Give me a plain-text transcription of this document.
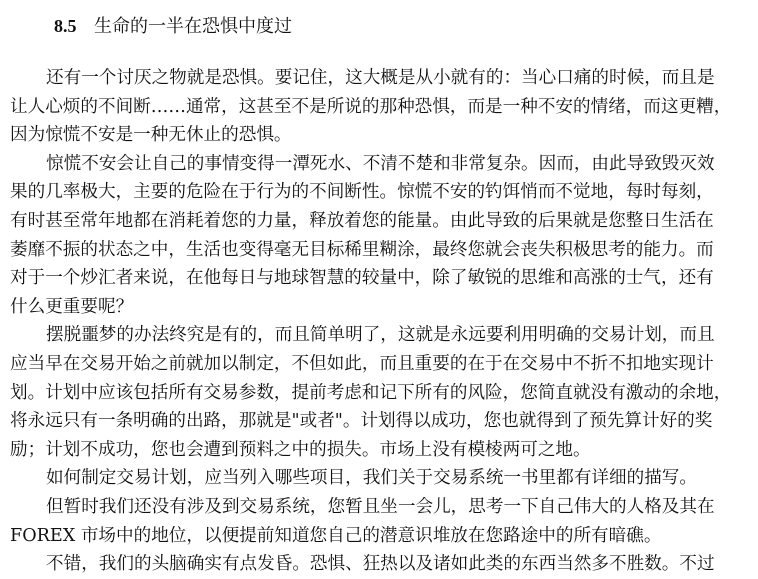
8.5 生命的一半在恐惧中度过
还有一个讨厌之物就是恐惧。要记住，这大概是从小就有的：当心口痛的时候，而且是
让人心烦的不间断……通常，这甚至不是所说的那种恐惧，而是一种不安的情绪，而这更糟，
因为惊慌不安是一种无休止的恐惧。
惊慌不安会让自己的事情变得一潭死水、不清不楚和非常复杂。因而，由此导致毁灭效
果的几率极大，主要的危险在于行为的不间断性。惊慌不安的钓饵悄而不觉地，每时每刻，
有时甚至常年地都在消耗着您的力量，释放着您的能量。由此导致的后果就是您整日生活在
萎靡不振的状态之中，生活也变得毫无目标稀里糊涂，最终您就会丧失积极思考的能力。而
对于一个炒汇者来说，在他每日与地球智慧的较量中，除了敏锐的思维和高涨的士气，还有
什么更重要呢？
摆脱噩梦的办法终究是有的，而且简单明了，这就是永远要利用明确的交易计划，而且
应当早在交易开始之前就加以制定，不但如此，而且重要的在于在交易中不折不扣地实现计
划。计划中应该包括所有交易参数，提前考虑和记下所有的风险，您简直就没有激动的余地，
将永远只有一条明确的出路，那就是"或者"。计划得以成功，您也就得到了预先算计好的奖
励；计划不成功，您也会遭到预料之中的损失。市场上没有模棱两可之地。
如何制定交易计划，应当列入哪些项目，我们关于交易系统一书里都有详细的描写。
但暂时我们还没有涉及到交易系统，您暂且坐一会儿，思考一下自己伟大的人格及其在
FOREX 市场中的地位，以便提前知道您自己的潜意识堆放在您路途中的所有暗礁。
不错，我们的头脑确实有点发昏。恐惧、狂热以及诸如此类的东西当然多不胜数。不过
